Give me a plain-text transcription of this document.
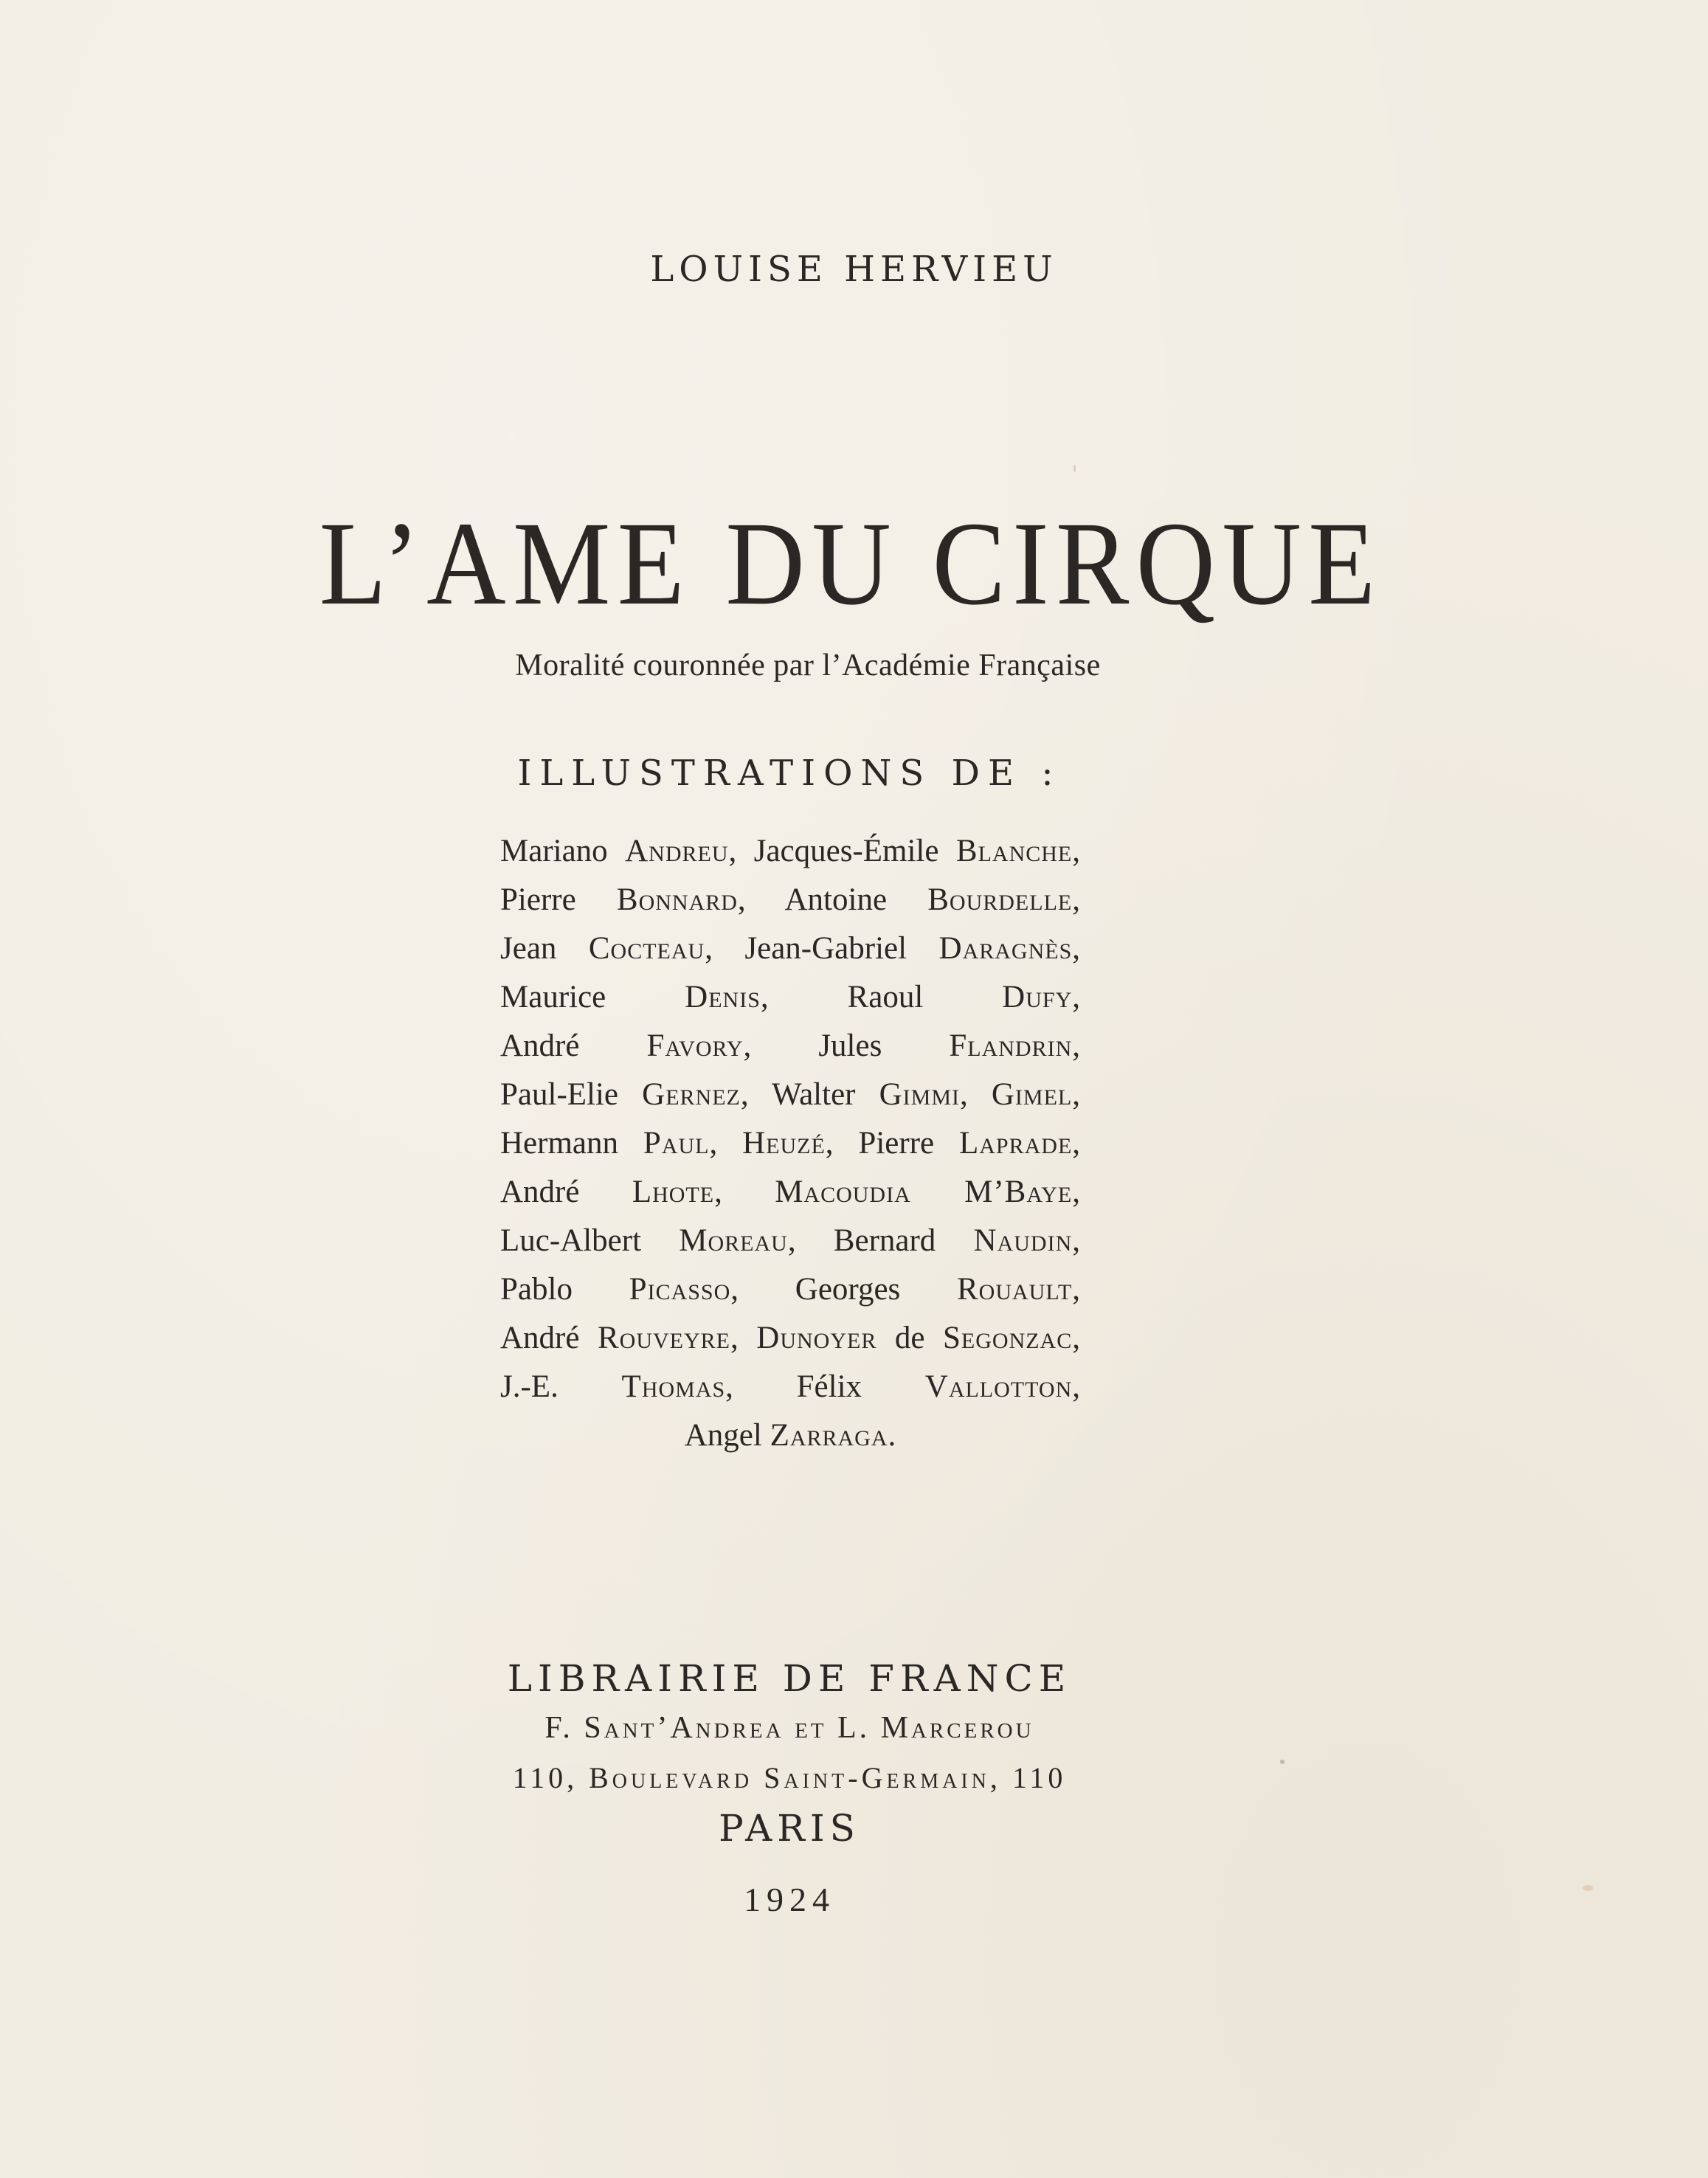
LOUISE HERVIEU
L’AME DU CIRQUE
Moralité couronnée par l’Académie Française
ILLUSTRATIONS DE :
Mariano Andreu, Jacques-Émile Blanche,
Pierre Bonnard, Antoine Bourdelle,
Jean Cocteau, Jean-Gabriel Daragnès,
Maurice Denis, Raoul Dufy,
André Favory, Jules Flandrin,
Paul-Elie Gernez, Walter Gimmi, Gimel,
Hermann Paul, Heuzé, Pierre Laprade,
André Lhote, Macoudia M’Baye,
Luc-Albert Moreau, Bernard Naudin,
Pablo Picasso, Georges Rouault,
André Rouveyre, Dunoyer de Segonzac,
J.-E. Thomas, Félix Vallotton,
Angel Zarraga.
LIBRAIRIE DE FRANCE
F. Sant’Andrea et L. Marcerou
110, Boulevard Saint-Germain, 110
PARIS
1924
